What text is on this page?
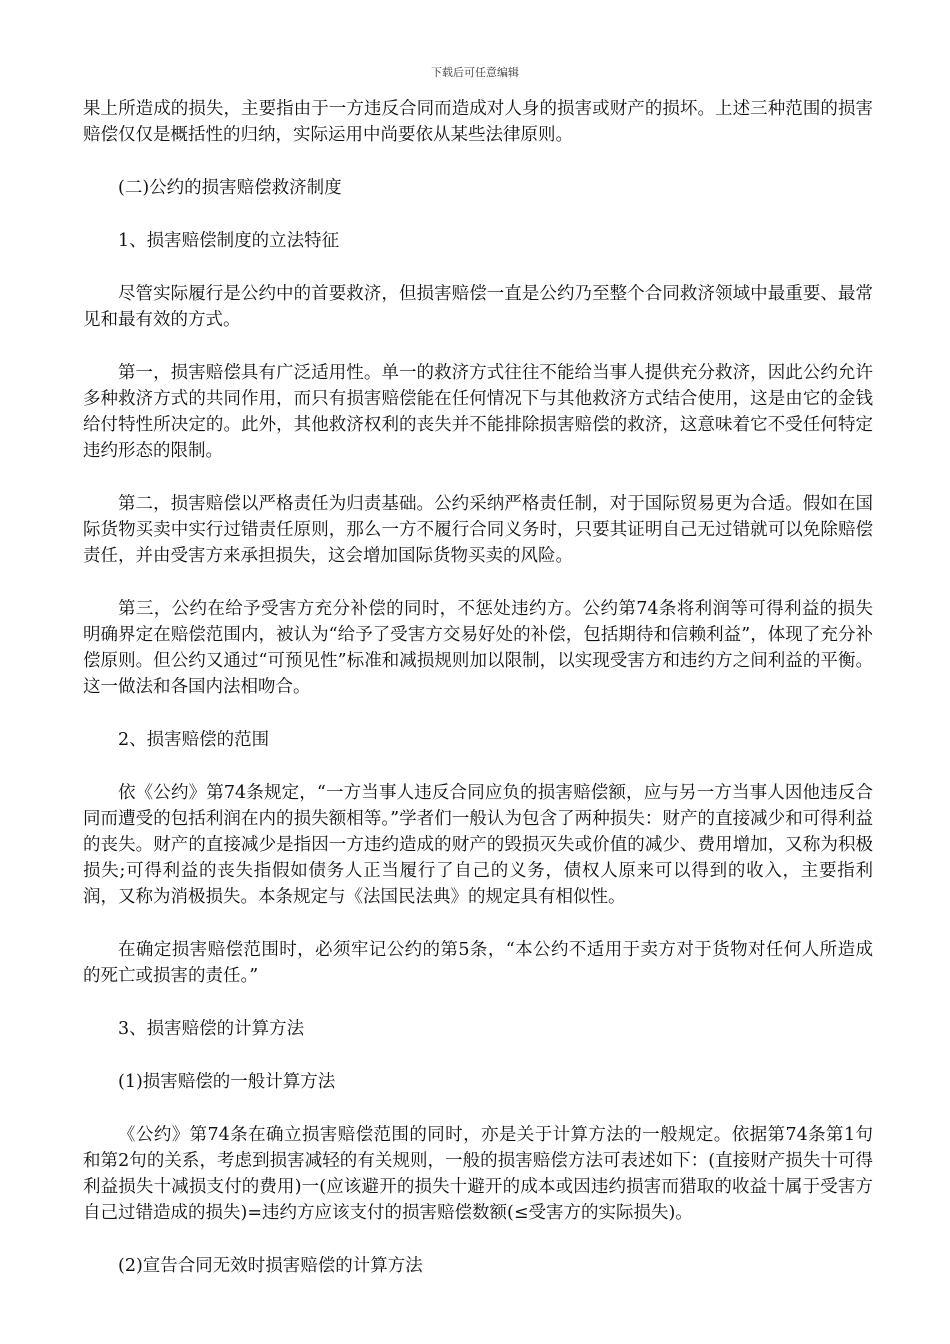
下载后可任意编辑

果上所造成的损失，主要指由于一方违反合同而造成对人身的损害或财产的损坏。上述三种范围的损害赔偿仅仅是概括性的归纳，实际运用中尚要依从某些法律原则。

(二)公约的损害赔偿救济制度

1、损害赔偿制度的立法特征

尽管实际履行是公约中的首要救济，但损害赔偿一直是公约乃至整个合同救济领域中最重要、最常见和最有效的方式。

第一，损害赔偿具有广泛适用性。单一的救济方式往往不能给当事人提供充分救济，因此公约允许多种救济方式的共同作用，而只有损害赔偿能在任何情况下与其他救济方式结合使用，这是由它的金钱给付特性所决定的。此外，其他救济权利的丧失并不能排除损害赔偿的救济，这意味着它不受任何特定违约形态的限制。

第二，损害赔偿以严格责任为归责基础。公约采纳严格责任制，对于国际贸易更为合适。假如在国际货物买卖中实行过错责任原则，那么一方不履行合同义务时，只要其证明自己无过错就可以免除赔偿责任，并由受害方来承担损失，这会增加国际货物买卖的风险。

第三，公约在给予受害方充分补偿的同时，不惩处违约方。公约第74条将利润等可得利益的损失明确界定在赔偿范围内，被认为“给予了受害方交易好处的补偿，包括期待和信赖利益”，体现了充分补偿原则。但公约又通过“可预见性”标准和减损规则加以限制，以实现受害方和违约方之间利益的平衡。这一做法和各国内法相吻合。

2、损害赔偿的范围

依《公约》第74条规定，“一方当事人违反合同应负的损害赔偿额，应与另一方当事人因他违反合同而遭受的包括利润在内的损失额相等。”学者们一般认为包含了两种损失：财产的直接减少和可得利益的丧失。财产的直接减少是指因一方违约造成的财产的毁损灭失或价值的减少、费用增加，又称为积极损失;可得利益的丧失指假如债务人正当履行了自己的义务，债权人原来可以得到的收入，主要指利润，又称为消极损失。本条规定与《法国民法典》的规定具有相似性。

在确定损害赔偿范围时，必须牢记公约的第5条，“本公约不适用于卖方对于货物对任何人所造成的死亡或损害的责任。”

3、损害赔偿的计算方法

(1)损害赔偿的一般计算方法

《公约》第74条在确立损害赔偿范围的同时，亦是关于计算方法的一般规定。依据第74条第1句和第2句的关系，考虑到损害减轻的有关规则，一般的损害赔偿方法可表述如下：(直接财产损失十可得利益损失十减损支付的费用)一(应该避开的损失十避开的成本或因违约损害而猎取的收益十属于受害方自己过错造成的损失)=违约方应该支付的损害赔偿数额(≤受害方的实际损失)。

(2)宣告合同无效时损害赔偿的计算方法
